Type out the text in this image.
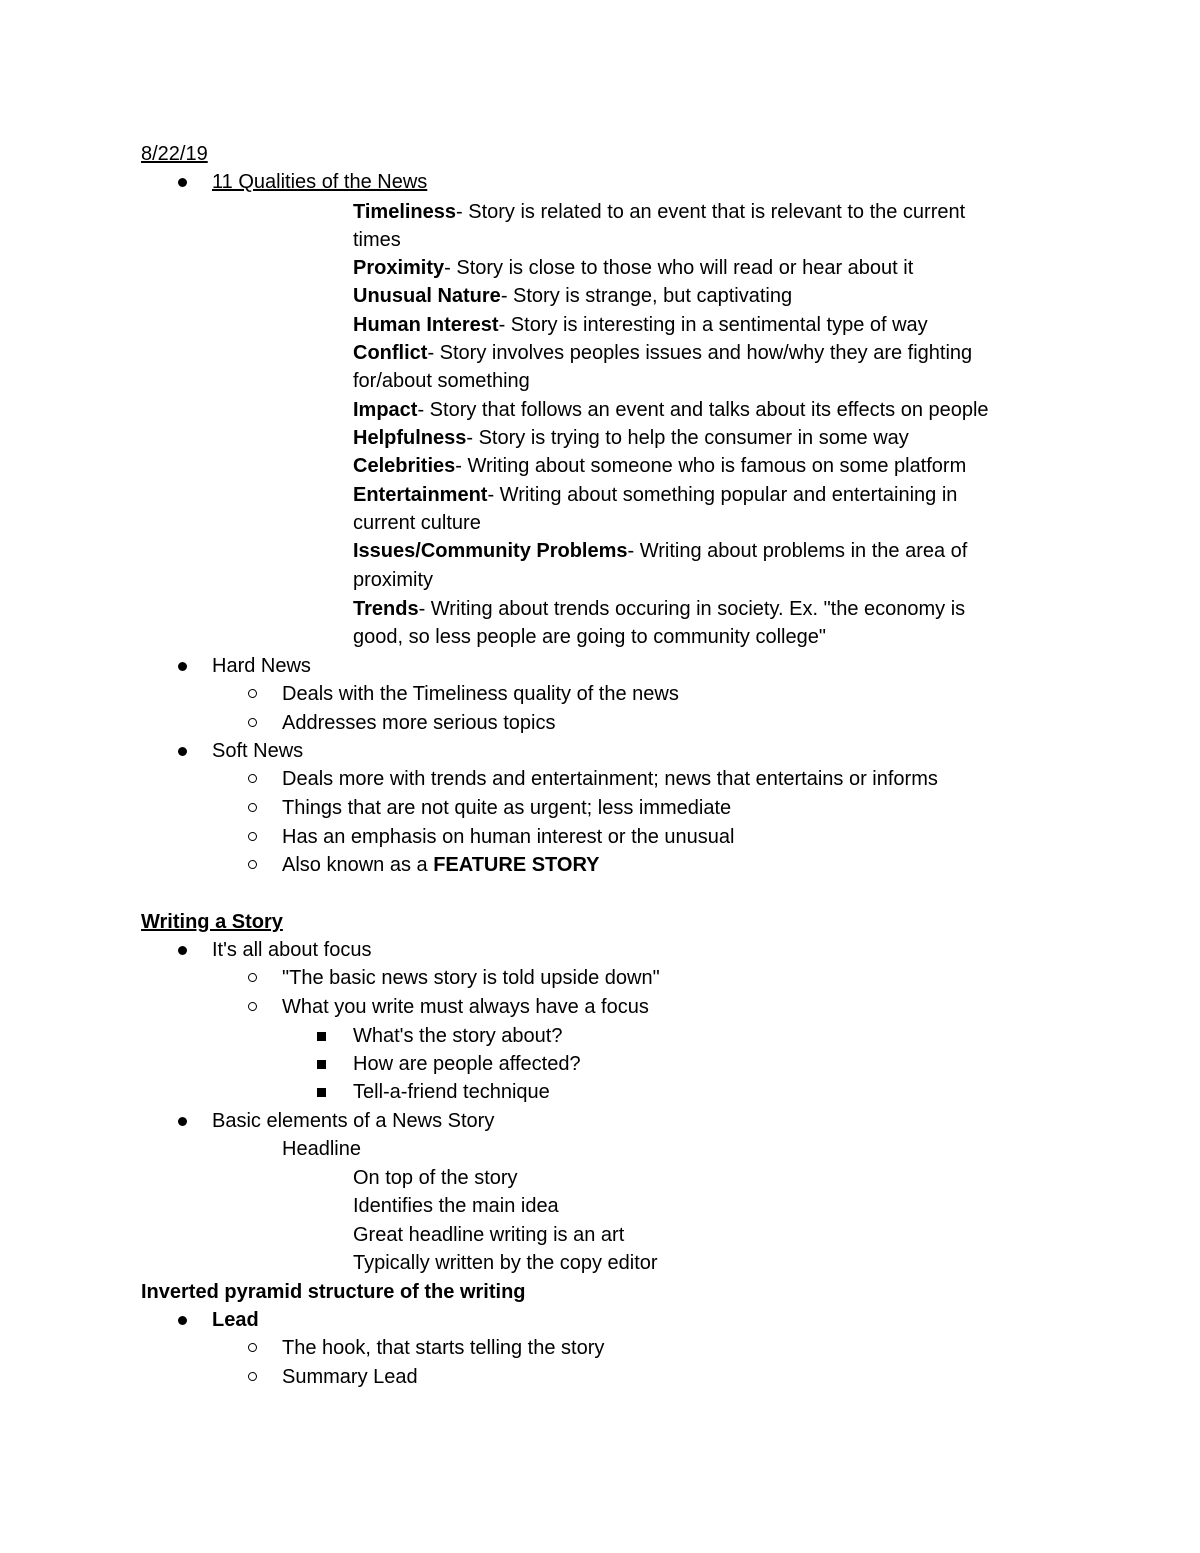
8/22/19
11 Qualities of the News
Timeliness- Story is related to an event that is relevant to the current
times
Proximity- Story is close to those who will read or hear about it
Unusual Nature- Story is strange, but captivating
Human Interest- Story is interesting in a sentimental type of way
Conflict- Story involves peoples issues and how/why they are fighting
for/about something
Impact- Story that follows an event and talks about its effects on people
Helpfulness- Story is trying to help the consumer in some way
Celebrities- Writing about someone who is famous on some platform
Entertainment- Writing about something popular and entertaining in
current culture
Issues/Community Problems- Writing about problems in the area of
proximity
Trends- Writing about trends occuring in society. Ex. "the economy is
good, so less people are going to community college"
Hard News
Deals with the Timeliness quality of the news
Addresses more serious topics
Soft News
Deals more with trends and entertainment; news that entertains or informs
Things that are not quite as urgent; less immediate
Has an emphasis on human interest or the unusual
Also known as a FEATURE STORY
Writing a Story
It's all about focus
"The basic news story is told upside down"
What you write must always have a focus
What's the story about?
How are people affected?
Tell-a-friend technique
Basic elements of a News Story
Headline
On top of the story
Identifies the main idea
Great headline writing is an art
Typically written by the copy editor
Inverted pyramid structure of the writing
Lead
The hook, that starts telling the story
Summary Lead
